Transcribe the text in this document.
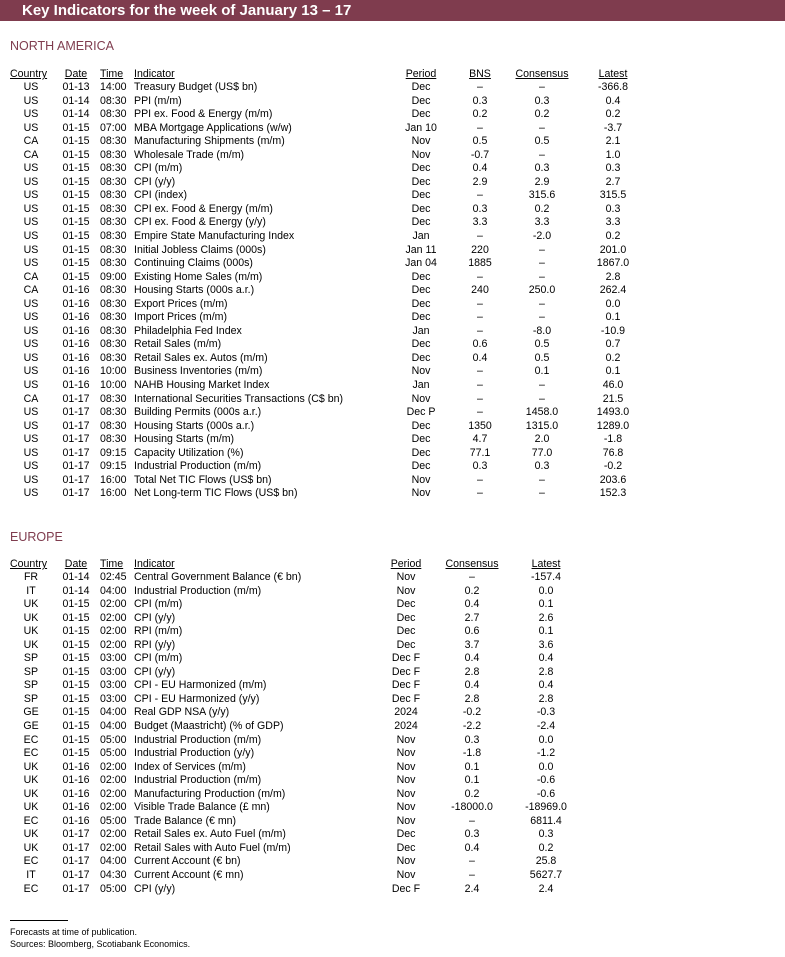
Key Indicators for the week of January 13 – 17
NORTH AMERICA
Country	Date	Time	Indicator	Period	BNS	Consensus	Latest
US	01-13	14:00	Treasury Budget (US$ bn)	Dec	–	–	-366.8
US	01-14	08:30	PPI (m/m)	Dec	0.3	0.3	0.4
US	01-14	08:30	PPI ex. Food & Energy (m/m)	Dec	0.2	0.2	0.2
US	01-15	07:00	MBA Mortgage Applications (w/w)	Jan 10	–	–	-3.7
CA	01-15	08:30	Manufacturing Shipments (m/m)	Nov	0.5	0.5	2.1
CA	01-15	08:30	Wholesale Trade (m/m)	Nov	-0.7	–	1.0
US	01-15	08:30	CPI (m/m)	Dec	0.4	0.3	0.3
US	01-15	08:30	CPI (y/y)	Dec	2.9	2.9	2.7
US	01-15	08:30	CPI (index)	Dec	–	315.6	315.5
US	01-15	08:30	CPI ex. Food & Energy (m/m)	Dec	0.3	0.2	0.3
US	01-15	08:30	CPI ex. Food & Energy (y/y)	Dec	3.3	3.3	3.3
US	01-15	08:30	Empire State Manufacturing Index	Jan	–	-2.0	0.2
US	01-15	08:30	Initial Jobless Claims (000s)	Jan 11	220	–	201.0
US	01-15	08:30	Continuing Claims (000s)	Jan 04	1885	–	1867.0
CA	01-15	09:00	Existing Home Sales (m/m)	Dec	–	–	2.8
CA	01-16	08:30	Housing Starts (000s a.r.)	Dec	240	250.0	262.4
US	01-16	08:30	Export Prices (m/m)	Dec	–	–	0.0
US	01-16	08:30	Import Prices (m/m)	Dec	–	–	0.1
US	01-16	08:30	Philadelphia Fed Index	Jan	–	-8.0	-10.9
US	01-16	08:30	Retail Sales (m/m)	Dec	0.6	0.5	0.7
US	01-16	08:30	Retail Sales ex. Autos (m/m)	Dec	0.4	0.5	0.2
US	01-16	10:00	Business Inventories (m/m)	Nov	–	0.1	0.1
US	01-16	10:00	NAHB Housing Market Index	Jan	–	–	46.0
CA	01-17	08:30	International Securities Transactions (C$ bn)	Nov	–	–	21.5
US	01-17	08:30	Building Permits (000s a.r.)	Dec P	–	1458.0	1493.0
US	01-17	08:30	Housing Starts (000s a.r.)	Dec	1350	1315.0	1289.0
US	01-17	08:30	Housing Starts (m/m)	Dec	4.7	2.0	-1.8
US	01-17	09:15	Capacity Utilization (%)	Dec	77.1	77.0	76.8
US	01-17	09:15	Industrial Production (m/m)	Dec	0.3	0.3	-0.2
US	01-17	16:00	Total Net TIC Flows (US$ bn)	Nov	–	–	203.6
US	01-17	16:00	Net Long-term TIC Flows (US$ bn)	Nov	–	–	152.3
EUROPE
Country	Date	Time	Indicator	Period	Consensus	Latest
FR	01-14	02:45	Central Government Balance (€ bn)	Nov	–	-157.4
IT	01-14	04:00	Industrial Production (m/m)	Nov	0.2	0.0
UK	01-15	02:00	CPI (m/m)	Dec	0.4	0.1
UK	01-15	02:00	CPI (y/y)	Dec	2.7	2.6
UK	01-15	02:00	RPI (m/m)	Dec	0.6	0.1
UK	01-15	02:00	RPI (y/y)	Dec	3.7	3.6
SP	01-15	03:00	CPI (m/m)	Dec F	0.4	0.4
SP	01-15	03:00	CPI (y/y)	Dec F	2.8	2.8
SP	01-15	03:00	CPI - EU Harmonized (m/m)	Dec F	0.4	0.4
SP	01-15	03:00	CPI - EU Harmonized (y/y)	Dec F	2.8	2.8
GE	01-15	04:00	Real GDP NSA (y/y)	2024	-0.2	-0.3
GE	01-15	04:00	Budget (Maastricht) (% of GDP)	2024	-2.2	-2.4
EC	01-15	05:00	Industrial Production (m/m)	Nov	0.3	0.0
EC	01-15	05:00	Industrial Production (y/y)	Nov	-1.8	-1.2
UK	01-16	02:00	Index of Services (m/m)	Nov	0.1	0.0
UK	01-16	02:00	Industrial Production (m/m)	Nov	0.1	-0.6
UK	01-16	02:00	Manufacturing Production (m/m)	Nov	0.2	-0.6
UK	01-16	02:00	Visible Trade Balance (£ mn)	Nov	-18000.0	-18969.0
EC	01-16	05:00	Trade Balance (€ mn)	Nov	–	6811.4
UK	01-17	02:00	Retail Sales ex. Auto Fuel (m/m)	Dec	0.3	0.3
UK	01-17	02:00	Retail Sales with Auto Fuel (m/m)	Dec	0.4	0.2
EC	01-17	04:00	Current Account (€ bn)	Nov	–	25.8
IT	01-17	04:30	Current Account (€ mn)	Nov	–	5627.7
EC	01-17	05:00	CPI (y/y)	Dec F	2.4	2.4
Forecasts at time of publication.
Sources: Bloomberg, Scotiabank Economics.
